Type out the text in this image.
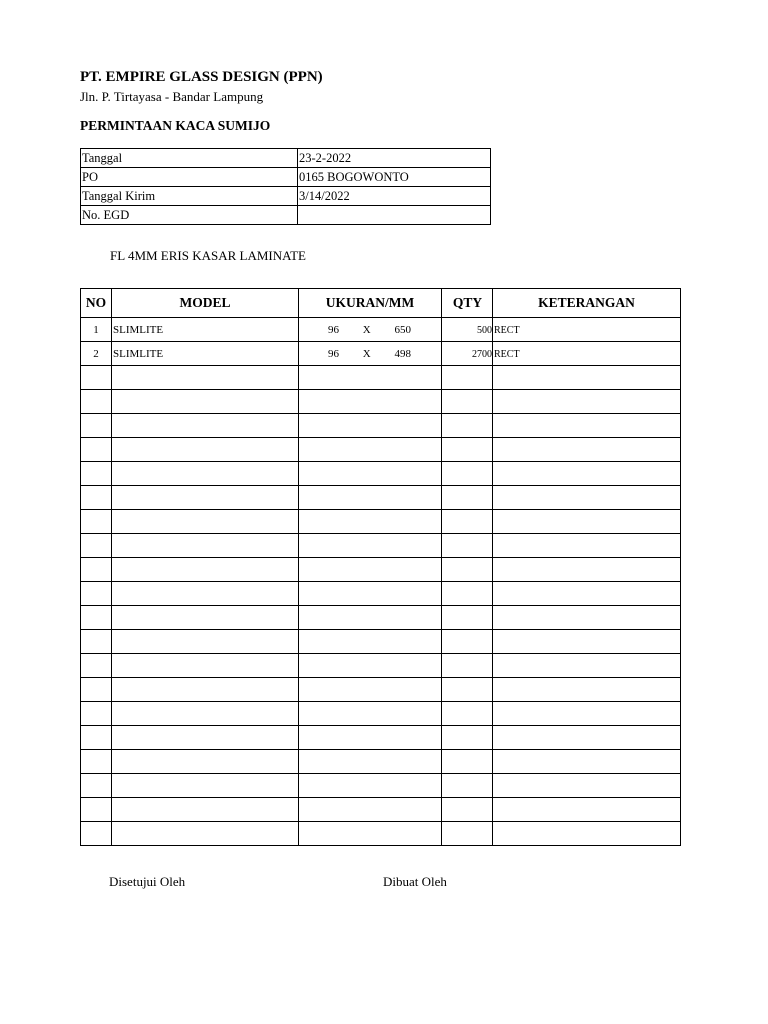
PT. EMPIRE GLASS DESIGN (PPN)
Jln. P. Tirtayasa - Bandar Lampung
PERMINTAAN KACA SUMIJO
Tanggal	23-2-2022
PO	0165 BOGOWONTO
Tanggal Kirim	3/14/2022
No. EGD	
FL 4MM ERIS KASAR LAMINATE
NO	MODEL	UKURAN/MM	QTY	KETERANGAN
1	SLIMLITE	96 X 650	500	RECT
2	SLIMLITE	96 X 498	2700	RECT

Disetujui Oleh	Dibuat Oleh
